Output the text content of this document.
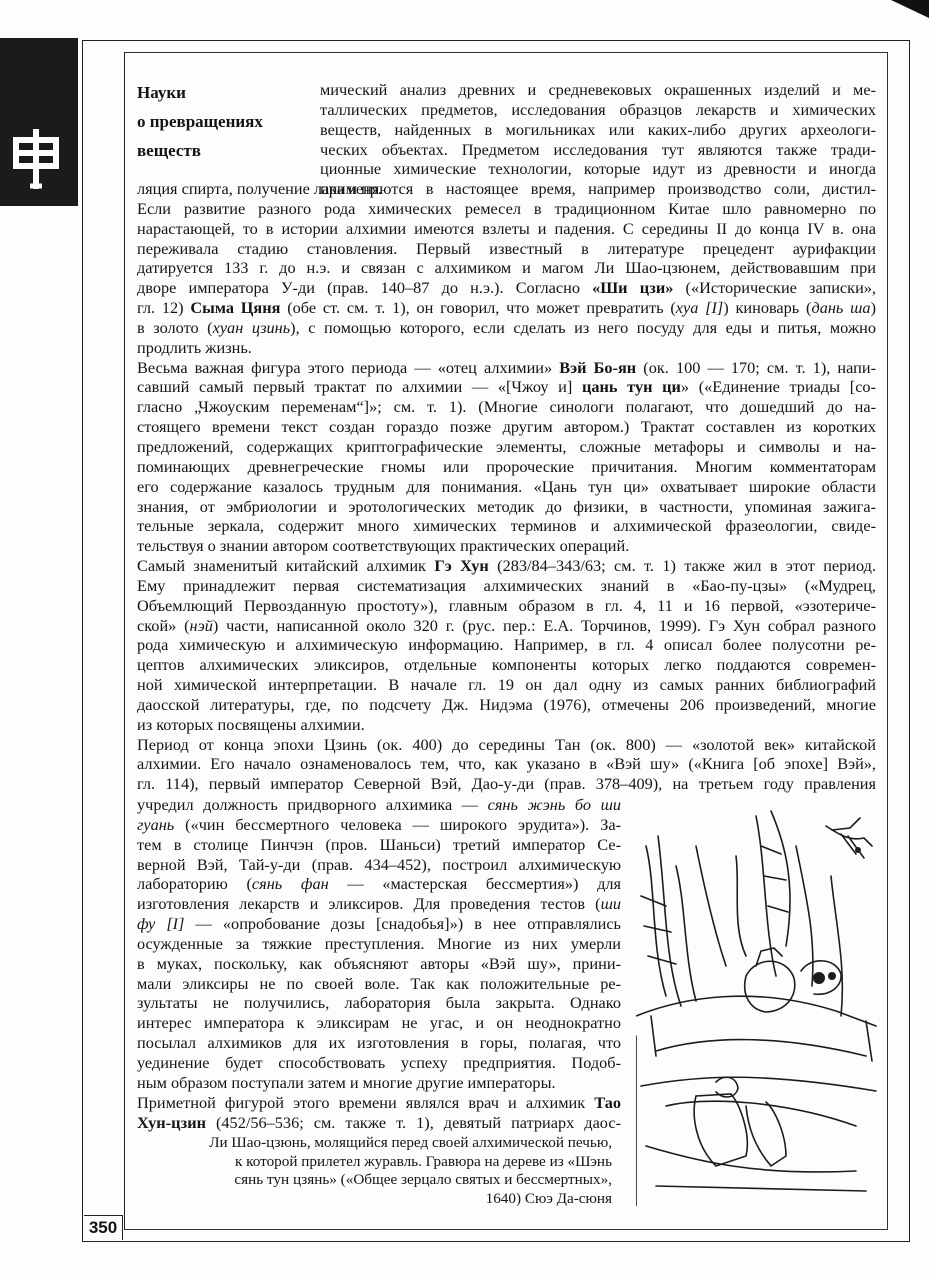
350
Науки
о превращениях
веществ
мический анализ древних и средневековых окрашенных изделий и ме-
таллических предметов, исследования образцов лекарств и химических
веществ, найденных в могильниках или каких-либо других археологи-
ческих объектах. Предметом исследования тут являются также тради-
ционные химические технологии, которые идут из древности и иногда
применяются в настоящее время, например производство соли, дистил-
ляция спирта, получение лака и пр.
Если развитие разного рода химических ремесел в традиционном Китае шло равномерно по
нарастающей, то в истории алхимии имеются взлеты и падения. С середины II до конца IV в. она
переживала стадию становления. Первый известный в литературе прецедент аурифакции
датируется 133 г. до н.э. и связан с алхимиком и магом Ли Шао-цзюнем, действовавшим при
дворе императора У-ди (прав. 140–87 до н.э.). Согласно «Ши цзи» («Исторические записки»,
гл. 12) Сыма Цяня (обе ст. см. т. 1), он говорил, что может превратить (хуа [I]) киноварь (дань ша)
в золото (хуан цзинь), с помощью которого, если сделать из него посуду для еды и питья, можно
продлить жизнь.
Весьма важная фигура этого периода — «отец алхимии» Вэй Бо-ян (ок. 100 — 170; см. т. 1), напи-
савший самый первый трактат по алхимии — «[Чжоу и] цань тун ци» («Единение триады [со-
гласно „Чжоуским переменам“]»; см. т. 1). (Многие синологи полагают, что дошедший до на-
стоящего времени текст создан гораздо позже другим автором.) Трактат составлен из коротких
предложений, содержащих криптографические элементы, сложные метафоры и символы и на-
поминающих древнегреческие гномы или пророческие причитания. Многим комментаторам
его содержание казалось трудным для понимания. «Цань тун ци» охватывает широкие области
знания, от эмбриологии и эротологических методик до физики, в частности, упоминая зажига-
тельные зеркала, содержит много химических терминов и алхимической фразеологии, свиде-
тельствуя о знании автором соответствующих практических операций.
Самый знаменитый китайский алхимик Гэ Хун (283/84–343/63; см. т. 1) также жил в этот период.
Ему принадлежит первая систематизация алхимических знаний в «Бао-пу-цзы» («Мудрец,
Объемлющий Первозданную простоту»), главным образом в гл. 4, 11 и 16 первой, «эзотериче-
ской» (нэй) части, написанной около 320 г. (рус. пер.: Е.А. Торчинов, 1999). Гэ Хун собрал разного
рода химическую и алхимическую информацию. Например, в гл. 4 описал более полусотни ре-
цептов алхимических эликсиров, отдельные компоненты которых легко поддаются современ-
ной химической интерпретации. В начале гл. 19 он дал одну из самых ранних библиографий
даосской литературы, где, по подсчету Дж. Нидэма (1976), отмечены 206 произведений, многие
из которых посвящены алхимии.
Период от конца эпохи Цзинь (ок. 400) до середины Тан (ок. 800) — «золотой век» китайской
алхимии. Его начало ознаменовалось тем, что, как указано в «Вэй шу» («Книга [об эпохе] Вэй»,
гл. 114), первый император Северной Вэй, Дао-у-ди (прав. 378–409), на третьем году правления
учредил должность придворного алхимика — сянь жэнь бо ши
гуань («чин бессмертного человека — широкого эрудита»). За-
тем в столице Пинчэн (пров. Шаньси) третий император Се-
верной Вэй, Тай-у-ди (прав. 434–452), построил алхимическую
лабораторию (сянь фан — «мастерская бессмертия») для
изготовления лекарств и эликсиров. Для проведения тестов (ши
фу [I] — «опробование дозы [снадобья]») в нее отправлялись
осужденные за тяжкие преступления. Многие из них умерли
в муках, поскольку, как объясняют авторы «Вэй шу», прини-
мали эликсиры не по своей воле. Так как положительные ре-
зультаты не получились, лаборатория была закрыта. Однако
интерес императора к эликсирам не угас, и он неоднократно
посылал алхимиков для их изготовления в горы, полагая, что
уединение будет способствовать успеху предприятия. Подоб-
ным образом поступали затем и многие другие императоры.
Приметной фигурой этого времени являлся врач и алхимик Тао
Хун-цзин (452/56–536; см. также т. 1), девятый патриарх даос-
Ли Шао-цзюнь, молящийся перед своей алхимической печью,
к которой прилетел журавль. Гравюра на дереве из «Шэнь
сянь тун цзянь» («Общее зерцало святых и бессмертных»,
1640) Сюэ Да-сюня
